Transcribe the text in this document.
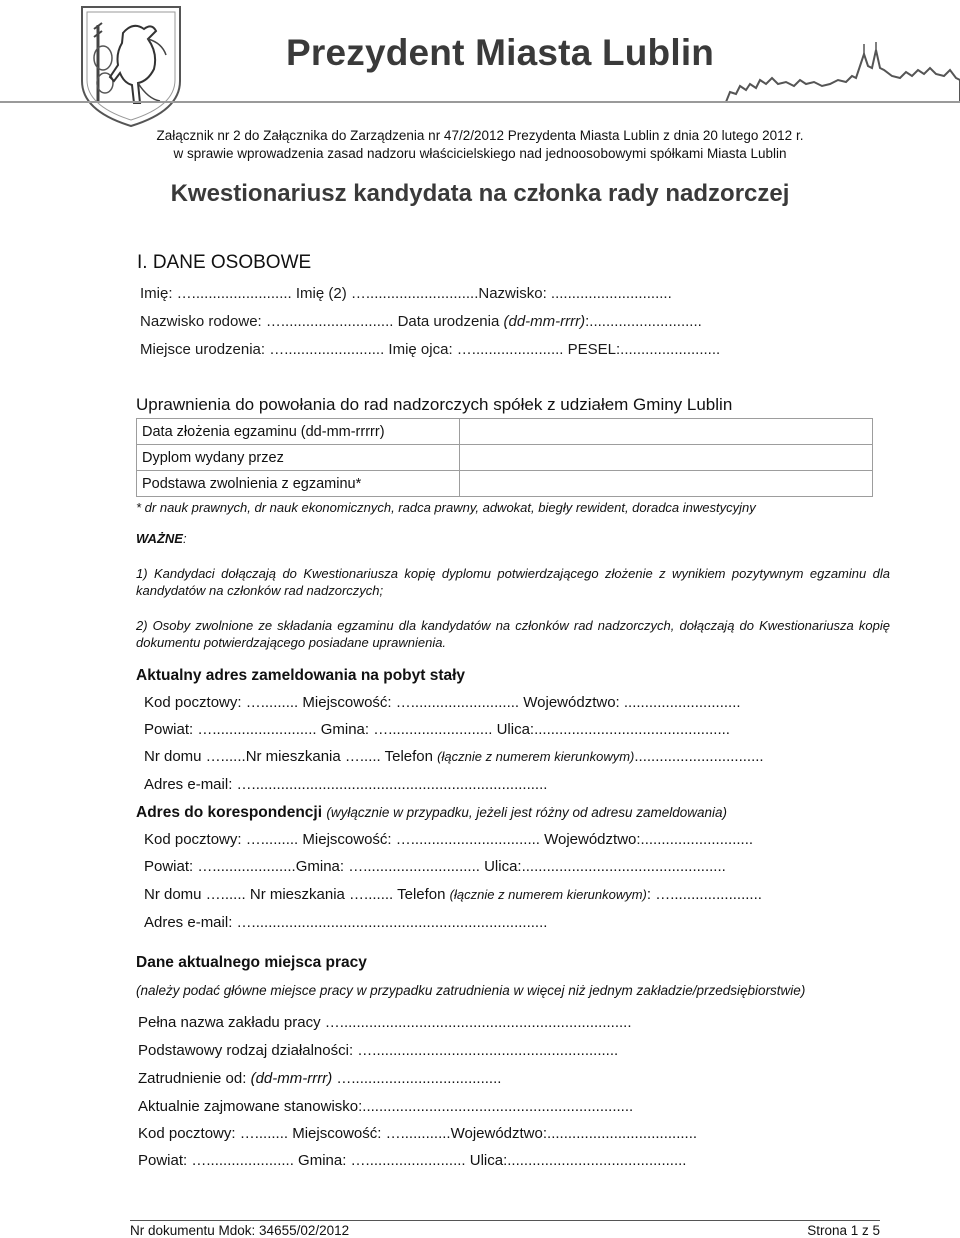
Prezydent Miasta Lublin
Załącznik nr 2 do Załącznika do Zarządzenia nr 47/2/2012 Prezydenta Miasta Lublin z dnia 20 lutego 2012 r.
w sprawie wprowadzenia zasad nadzoru właścicielskiego nad jednoosobowymi spółkami Miasta Lublin
Kwestionariusz kandydata na członka rady nadzorczej
I. DANE OSOBOWE
Imię: …........................ Imię (2) …...........................Nazwisko: .............................
Nazwisko rodowe: …........................... Data urodzenia (dd-mm-rrrr):...........................
Miejsce urodzenia: …........................ Imię ojca: …...................... PESEL:........................
Uprawnienia do powołania do rad nadzorczych spółek z udziałem Gminy Lublin
Data złożenia egzaminu (dd-mm-rrrrr)	
Dyplom wydany przez	
Podstawa zwolnienia z egzaminu*	
* dr nauk prawnych, dr nauk ekonomicznych, radca prawny, adwokat, biegły rewident, doradca inwestycyjny
WAŻNE:
1) Kandydaci dołączają do Kwestionariusza kopię dyplomu potwierdzającego złożenie z wynikiem pozytywnym egzaminu dla kandydatów na członków rad nadzorczych;
2) Osoby zwolnione ze składania egzaminu dla kandydatów na członków rad nadzorczych, dołączają do Kwestionariusza kopię dokumentu potwierdzającego posiadane uprawnienia.
Aktualny adres zameldowania na pobyt stały
Kod pocztowy: …......... Miejscowość: ….......................... Województwo: ............................
Powiat: …......................... Gmina: …......................... Ulica:...............................................
Nr domu …......Nr mieszkania …..... Telefon (łącznie z numerem kierunkowym)...............................
Adres e-mail: ….......................................................................
Adres do korespondencji (wyłącznie w przypadku, jeżeli jest różny od adresu zameldowania)
Kod pocztowy: …......... Miejscowość: …............................... Województwo:...........................
Powiat: …....................Gmina: …............................ Ulica:.................................................
Nr domu …...... Nr mieszkania …....... Telefon (łącznie z numerem kierunkowym): …......................
Adres e-mail: ….......................................................................
Dane aktualnego miejsca pracy
(należy podać główne miejsce pracy w przypadku zatrudnienia w więcej niż jednym zakładzie/przedsiębiorstwie)
Pełna nazwa zakładu pracy …......................................................................
Podstawowy rodzaj działalności: …...........................................................
Zatrudnienie od: (dd-mm-rrrr) …....................................
Aktualnie zajmowane stanowisko:.................................................................
Kod pocztowy: …........ Miejscowość: …............Województwo:....................................
Powiat: …..................... Gmina: …........................ Ulica:...........................................
Nr dokumentu Mdok: 34655/02/2012	Strona 1 z 5
